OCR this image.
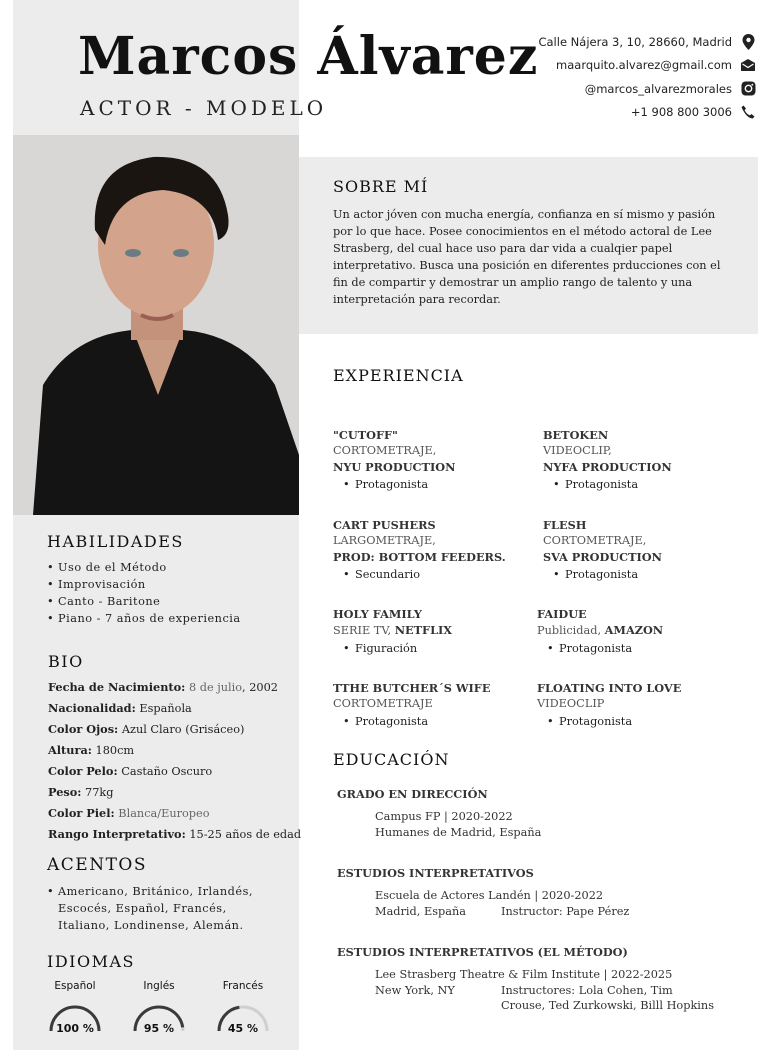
Marcos Álvarez
ACTOR - MODELO
Calle Nájera 3, 10, 28660, Madrid
maarquito.alvarez@gmail.com
@marcos_alvarezmorales
+1 908 800 3006
SOBRE MÍ

Un actor jóven con mucha energía, confianza en sí mismo y pasión por lo que hace. Posee conocimientos en el método actoral de Lee Strasberg, del cual hace uso para dar vida a cualqier papel interpretativo. Busca una posición en diferentes prducciones con el fin de compartir y demostrar un amplio rango de talento y una interpretación para recordar.

EXPERIENCIA
"CUTOFF"
CORTOMETRAJE,
NYU PRODUCTION
• Protagonista
BETOKEN
VIDEOCLIP,
NYFA PRODUCTION
• Protagonista
CART PUSHERS
LARGOMETRAJE,
PROD: BOTTOM FEEDERS.
• Secundario
FLESH
CORTOMETRAJE,
SVA PRODUCTION
• Protagonista
HOLY FAMILY
SERIE TV, NETFLIX
• Figuración
FAIDUE
Publicidad, AMAZON
• Protagonista
TTHE BUTCHER´S WIFE
CORTOMETRAJE
• Protagonista
FLOATING INTO LOVE
VIDEOCLIP
• Protagonista
EDUCACIÓN
GRADO EN DIRECCIÓN
Campus FP | 2020-2022
Humanes de Madrid, España
ESTUDIOS INTERPRETATIVOS
Escuela de Actores Landén | 2020-2022
Madrid, España	Instructor: Pape Pérez
ESTUDIOS INTERPRETATIVOS (EL MÉTODO)
Lee Strasberg Theatre & Film Institute | 2022-2025
New York, NY	Instructores: Lola Cohen, Tim
Crouse, Ted Zurkowski, Billl Hopkins
HABILIDADES
• Uso de el Método
• Improvisación
• Canto - Baritone
• Piano - 7 años de experiencia
BIO
Fecha de Nacimiento: 8 de julio, 2002
Nacionalidad: Española
Color Ojos: Azul Claro (Grisáceo)
Altura: 180cm
Color Pelo: Castaño Oscuro
Peso: 77kg
Color Piel: Blanca/Europeo
Rango Interpretativo: 15-25 años de edad
ACENTOS
• Americano, Británico, Irlandés, Escocés, Español, Francés, Italiano, Londinense, Alemán.
IDIOMAS
Español
100 %
Inglés
95 %
Francés
45 %
